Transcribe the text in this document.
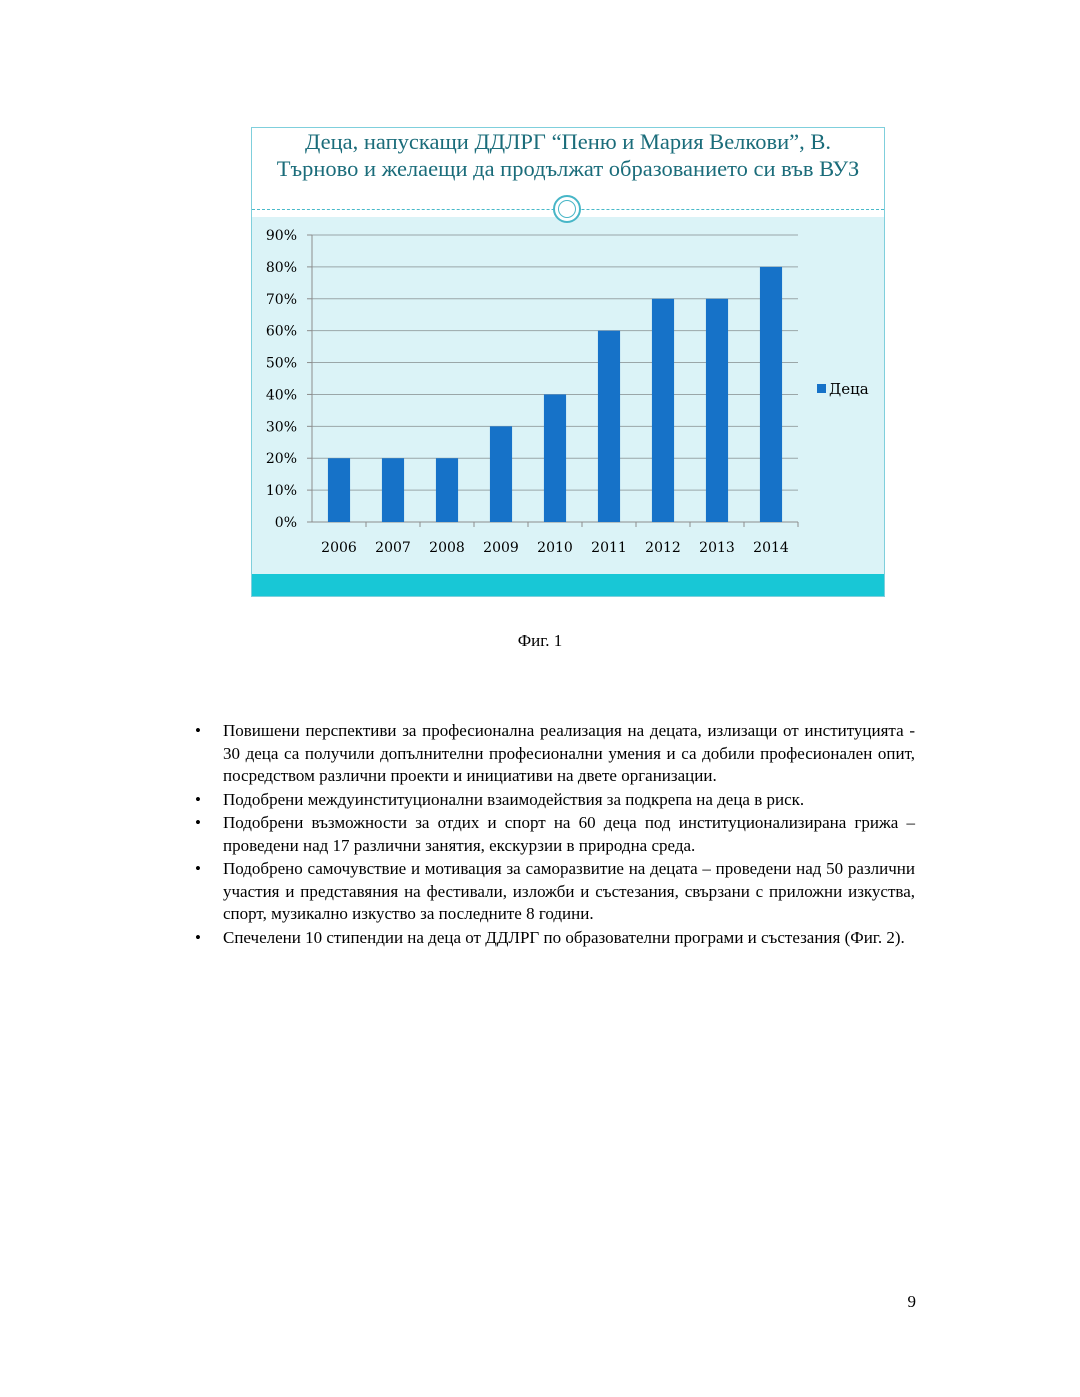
Деца, напускащи ДДЛРГ “Пеню и Мария Велкови”, В. Търново и желаещи да продължат образованието си във ВУЗ
0%
10%
20%
30%
40%
50%
60%
70%
80%
90%
2006 2007 2008 2009 2010 2011 2012 2013 2014
Деца

Фиг. 1

• Повишени перспективи за професионална реализация на децата, излизащи от институцията - 30 деца са получили допълнителни професионални умения и са добили професионален опит, посредством различни проекти и инициативи на двете организации.
• Подобрени междуинституционални взаимодействия за подкрепа на деца в риск.
• Подобрени възможности за отдих и спорт на 60 деца под институционализирана грижа – проведени над 17 различни занятия, екскурзии в природна среда.
• Подобрено самочувствие и мотивация за саморазвитие на децата – проведени над 50 различни участия и представяния на фестивали, изложби и състезания, свързани с приложни изкуства, спорт, музикално изкуство за последните 8 години.
• Спечелени 10 стипендии на деца от ДДЛРГ по образователни програми и състезания (Фиг. 2).

9
